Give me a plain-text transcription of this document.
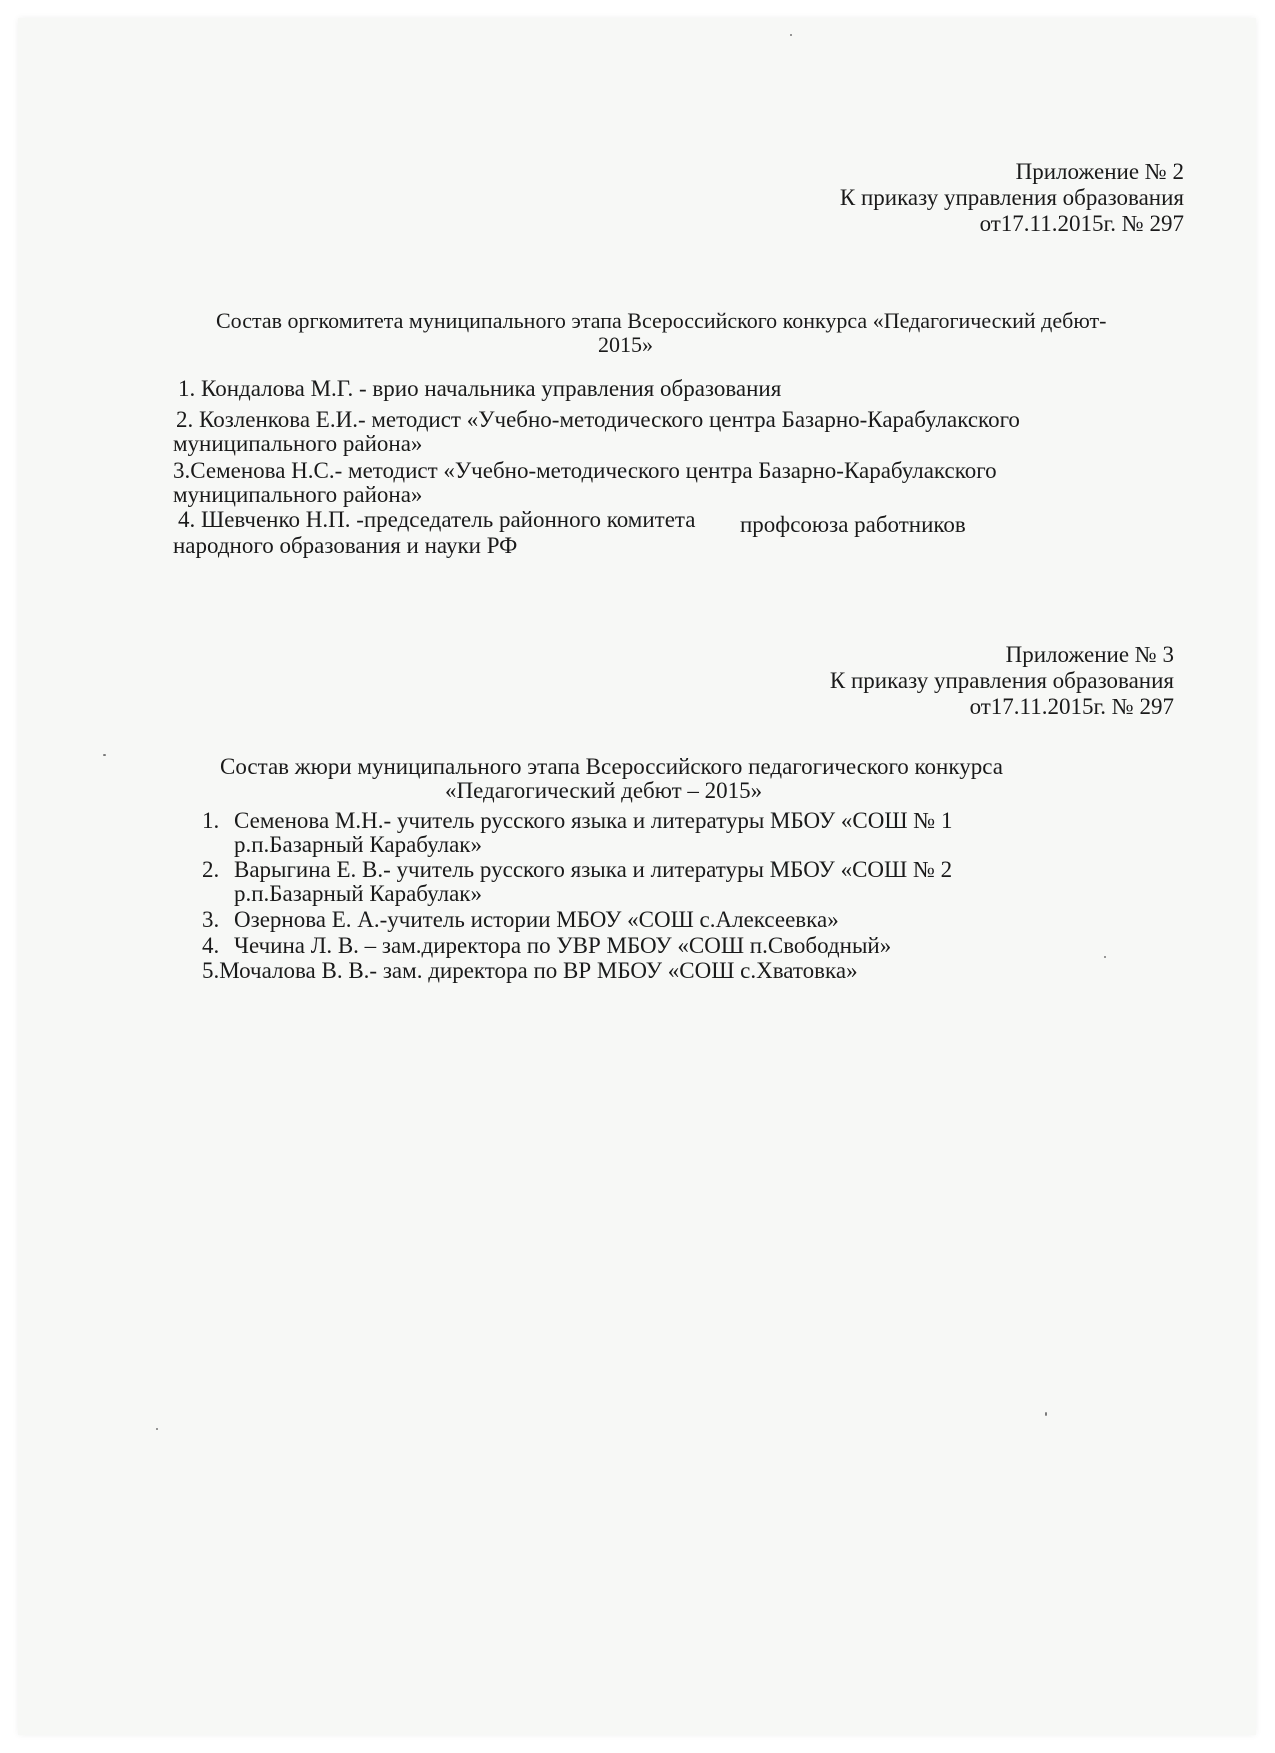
Приложение № 2
К приказу управления образования
от17.11.2015г. № 297
Состав оргкомитета муниципального этапа Всероссийского конкурса «Педагогический дебют-
2015»
1. Кондалова М.Г. - врио начальника управления образования
2. Козленкова Е.И.- методист «Учебно-методического центра Базарно-Карабулакского
муниципального района»
3.Семенова Н.С.- методист «Учебно-методического центра Базарно-Карабулакского
муниципального района»
4. Шевченко Н.П. -председатель районного комитета профсоюза работников
народного образования и науки РФ
Приложение № 3
К приказу управления образования
от17.11.2015г. № 297
Состав жюри муниципального этапа Всероссийского педагогического конкурса
«Педагогический дебют – 2015»
1. Семенова М.Н.- учитель русского языка и литературы МБОУ «СОШ № 1
р.п.Базарный Карабулак»
2. Варыгина Е. В.- учитель русского языка и литературы МБОУ «СОШ № 2
р.п.Базарный Карабулак»
3. Озернова Е. А.-учитель истории МБОУ «СОШ с.Алексеевка»
4. Чечина Л. В. – зам.директора по УВР МБОУ «СОШ п.Свободный»
5.Мочалова В. В.- зам. директора по ВР МБОУ «СОШ с.Хватовка»
